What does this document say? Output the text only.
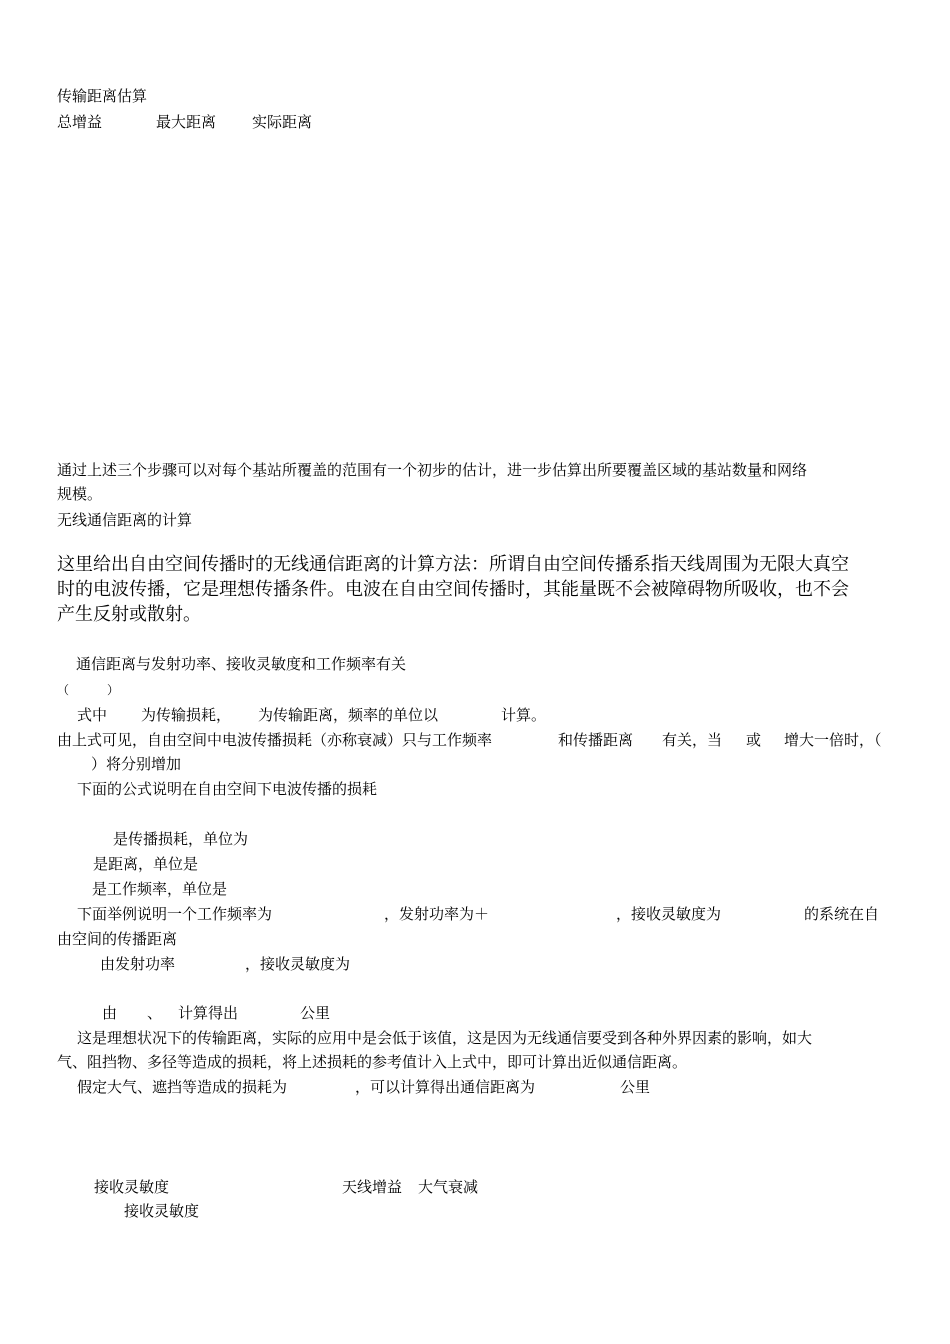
传输距离估算
总增益	最大距离 实际距离
通过上述三个步骤可以对每个基站所覆盖的范围有一个初步的估计，进一步估算出所要覆盖区域的基站数量和网络
规模。
无线通信距离的计算
这里给出自由空间传播时的无线通信距离的计算方法：所谓自由空间传播系指天线周围为无限大真空
时的电波传播，它是理想传播条件。电波在自由空间传播时，其能量既不会被障碍物所吸收，也不会
产生反射或散射。
通信距离与发射功率、接收灵敏度和工作频率有关
（	）
式中 为传输损耗， 为传输距离，频率的单位以	计算。
由上式可见，自由空间中电波传播损耗（亦称衰减）只与工作频率	和传播距离 有关，当 或 增大一倍时，（
）将分别增加
下面的公式说明在自由空间下电波传播的损耗
是传播损耗，单位为
是距离，单位是
是工作频率，单位是
下面举例说明一个工作频率为	，发射功率为＋	，接收灵敏度为	的系统在自
由空间的传播距离
由发射功率	，接收灵敏度为
由 、 计算得出	公里
这是理想状况下的传输距离，实际的应用中是会低于该值，这是因为无线通信要受到各种外界因素的影响，如大
气、阻挡物、多径等造成的损耗，将上述损耗的参考值计入上式中，即可计算出近似通信距离。
假定大气、遮挡等造成的损耗为	，可以计算得出通信距离为	公里
接收灵敏度	天线增益 大气衰减
接收灵敏度
